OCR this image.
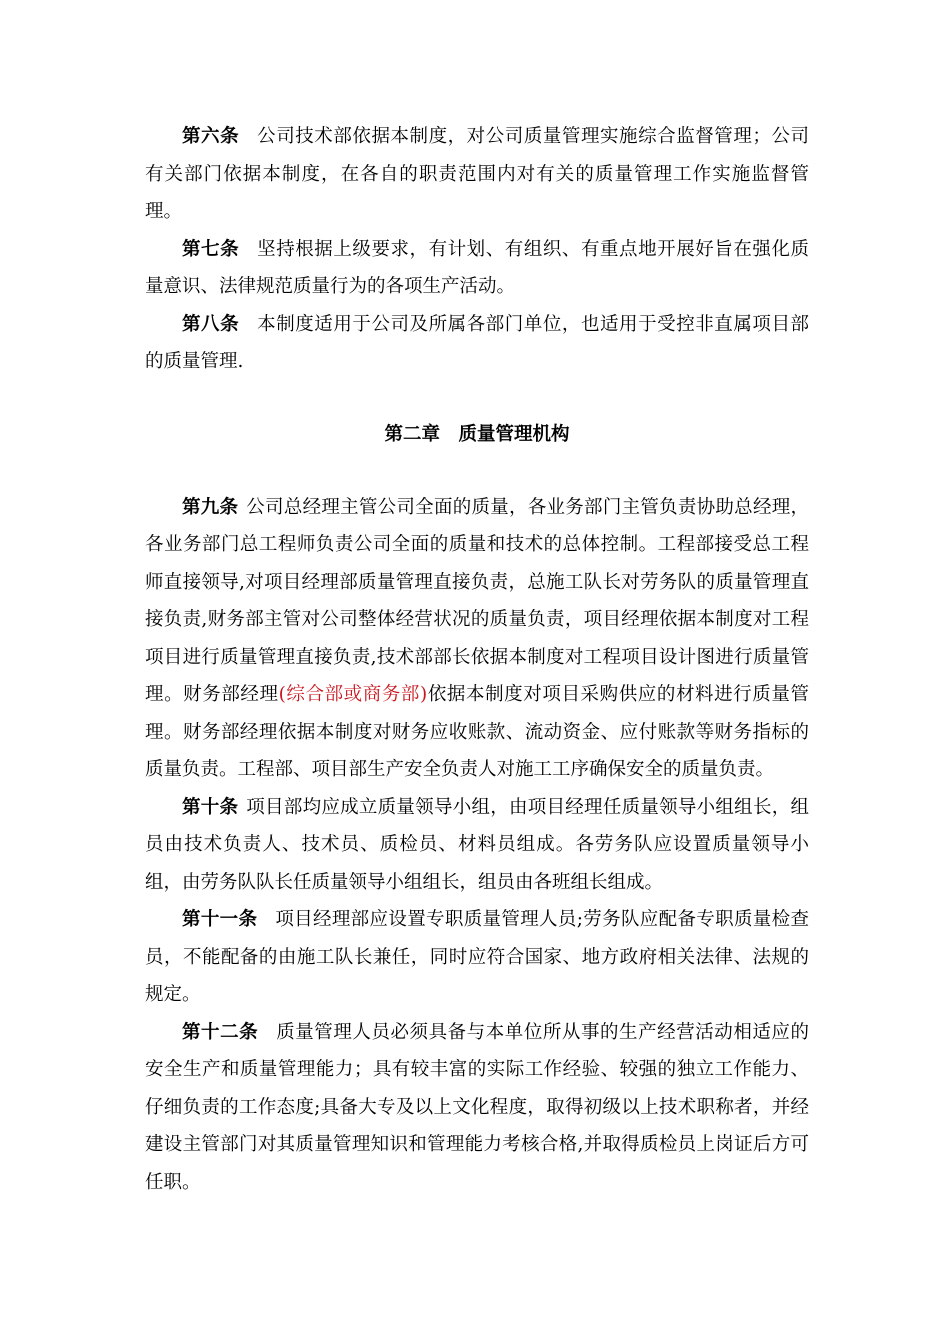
第六条 公司技术部依据本制度，对公司质量管理实施综合监督管理；公司有关部门依据本制度，在各自的职责范围内对有关的质量管理工作实施监督管理。

第七条 坚持根据上级要求，有计划、有组织、有重点地开展好旨在强化质量意识、法律规范质量行为的各项生产活动。

第八条 本制度适用于公司及所属各部门单位，也适用于受控非直属项目部的质量管理.

第二章　质量管理机构

第九条 公司总经理主管公司全面的质量，各业务部门主管负责协助总经理，各业务部门总工程师负责公司全面的质量和技术的总体控制。工程部接受总工程师直接领导,对项目经理部质量管理直接负责，总施工队长对劳务队的质量管理直接负责,财务部主管对公司整体经营状况的质量负责，项目经理依据本制度对工程项目进行质量管理直接负责,技术部部长依据本制度对工程项目设计图进行质量管理。财务部经理(综合部或商务部)依据本制度对项目采购供应的材料进行质量管理。财务部经理依据本制度对财务应收账款、流动资金、应付账款等财务指标的质量负责。工程部、项目部生产安全负责人对施工工序确保安全的质量负责。

第十条 项目部均应成立质量领导小组，由项目经理任质量领导小组组长，组员由技术负责人、技术员、质检员、材料员组成。各劳务队应设置质量领导小组，由劳务队队长任质量领导小组组长，组员由各班组长组成。

第十一条 项目经理部应设置专职质量管理人员;劳务队应配备专职质量检查员，不能配备的由施工队长兼任，同时应符合国家、地方政府相关法律、法规的规定。

第十二条 质量管理人员必须具备与本单位所从事的生产经营活动相适应的安全生产和质量管理能力；具有较丰富的实际工作经验、较强的独立工作能力、仔细负责的工作态度;具备大专及以上文化程度，取得初级以上技术职称者，并经建设主管部门对其质量管理知识和管理能力考核合格,并取得质检员上岗证后方可任职。
